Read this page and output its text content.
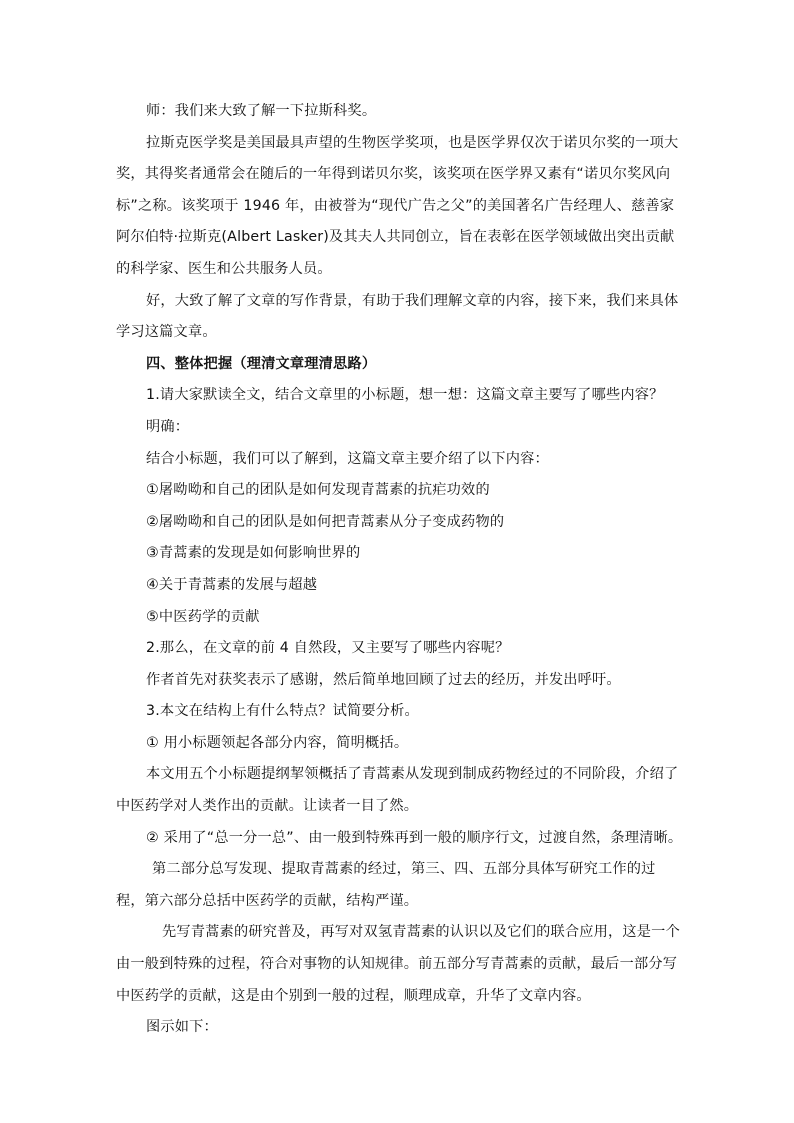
师：我们来大致了解一下拉斯科奖。

拉斯克医学奖是美国最具声望的生物医学奖项，也是医学界仅次于诺贝尔奖的一项大奖，其得奖者通常会在随后的一年得到诺贝尔奖，该奖项在医学界又素有“诺贝尔奖风向标”之称。该奖项于 1946 年，由被誉为“现代广告之父”的美国著名广告经理人、慈善家阿尔伯特·拉斯克(Albert Lasker)及其夫人共同创立，旨在表彰在医学领域做出突出贡献的科学家、医生和公共服务人员。

好，大致了解了文章的写作背景，有助于我们理解文章的内容，接下来，我们来具体学习这篇文章。

四、整体把握（理清文章理清思路）

1.请大家默读全文，结合文章里的小标题，想一想：这篇文章主要写了哪些内容？

明确：

结合小标题，我们可以了解到，这篇文章主要介绍了以下内容：

①屠呦呦和自己的团队是如何发现青蒿素的抗疟功效的

②屠呦呦和自己的团队是如何把青蒿素从分子变成药物的

③青蒿素的发现是如何影响世界的

④关于青蒿素的发展与超越

⑤中医药学的贡献

2.那么，在文章的前 4 自然段，又主要写了哪些内容呢？

作者首先对获奖表示了感谢，然后简单地回顾了过去的经历，并发出呼吁。

3.本文在结构上有什么特点？试简要分析。

① 用小标题领起各部分内容，简明概括。

本文用五个小标题提纲挈领概括了青蒿素从发现到制成药物经过的不同阶段，介绍了中医药学对人类作出的贡献。让读者一目了然。

② 采用了“总一分一总”、由一般到特殊再到一般的顺序行文，过渡自然，条理清晰。

第二部分总写发现、提取青蒿素的经过，第三、四、五部分具体写研究工作的过程，第六部分总括中医药学的贡献，结构严谨。

先写青蒿素的研究普及，再写对双氢青蒿素的认识以及它们的联合应用，这是一个由一般到特殊的过程，符合对事物的认知规律。前五部分写青蒿素的贡献，最后一部分写中医药学的贡献，这是由个别到一般的过程，顺理成章，升华了文章内容。

图示如下：
